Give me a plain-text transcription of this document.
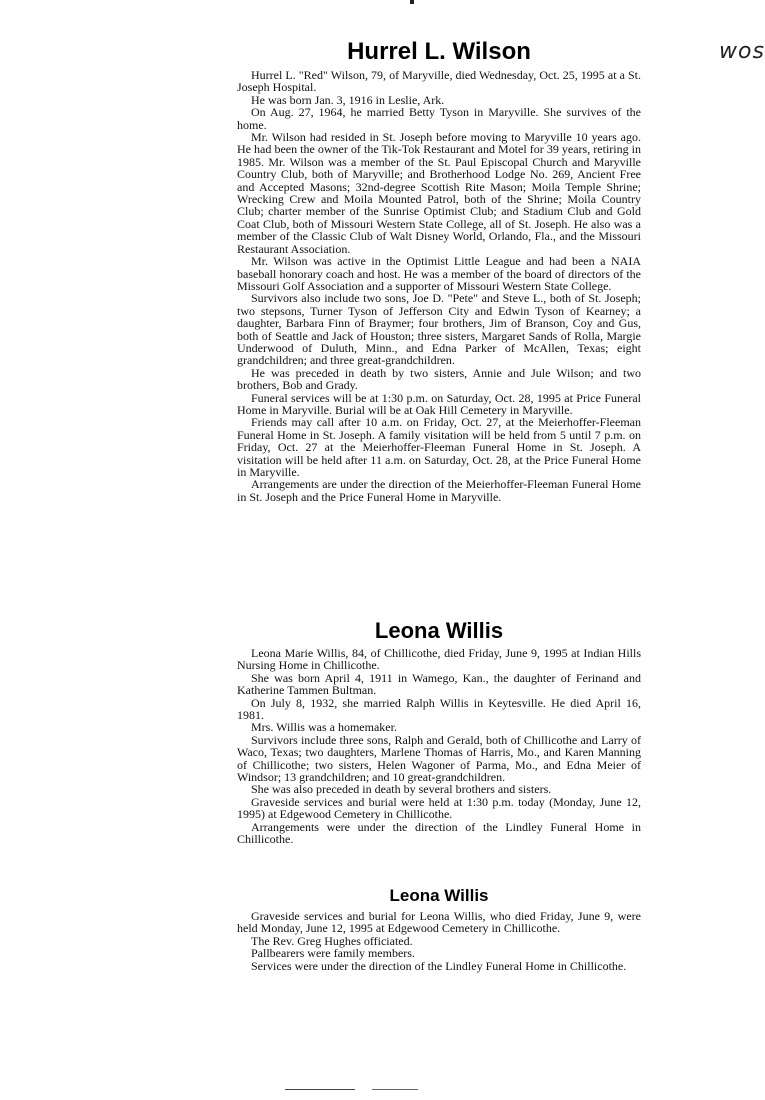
wos
Hurrel L. Wilson

Hurrel L. "Red" Wilson, 79, of Maryville, died Wednesday, Oct. 25, 1995 at a St. Joseph Hospital.

He was born Jan. 3, 1916 in Leslie, Ark.

On Aug. 27, 1964, he married Betty Tyson in Maryville. She survives of the home.

Mr. Wilson had resided in St. Joseph before moving to Maryville 10 years ago. He had been the owner of the Tik-Tok Restaurant and Motel for 39 years, retiring in 1985. Mr. Wilson was a member of the St. Paul Episcopal Church and Maryville Country Club, both of Maryville; and Brotherhood Lodge No. 269, Ancient Free and Accepted Masons; 32nd-degree Scottish Rite Mason; Moila Temple Shrine; Wrecking Crew and Moila Mounted Patrol, both of the Shrine; Moila Country Club; charter member of the Sunrise Optimist Club; and Stadium Club and Gold Coat Club, both of Missouri Western State College, all of St. Joseph. He also was a member of the Classic Club of Walt Disney World, Orlando, Fla., and the Missouri Restaurant Association.

Mr. Wilson was active in the Optimist Little League and had been a NAIA baseball honorary coach and host. He was a member of the board of directors of the Missouri Golf Association and a supporter of Missouri Western State College.

Survivors also include two sons, Joe D. "Pete" and Steve L., both of St. Joseph; two stepsons, Turner Tyson of Jefferson City and Edwin Tyson of Kearney; a daughter, Barbara Finn of Braymer; four brothers, Jim of Branson, Coy and Gus, both of Seattle and Jack of Houston; three sisters, Margaret Sands of Rolla, Margie Underwood of Duluth, Minn., and Edna Parker of McAllen, Texas; eight grandchildren; and three great-grandchildren.

He was preceded in death by two sisters, Annie and Jule Wilson; and two brothers, Bob and Grady.

Funeral services will be at 1:30 p.m. on Saturday, Oct. 28, 1995 at Price Funeral Home in Maryville. Burial will be at Oak Hill Cemetery in Maryville.

Friends may call after 10 a.m. on Friday, Oct. 27, at the Meierhoffer-Fleeman Funeral Home in St. Joseph. A family visitation will be held from 5 until 7 p.m. on Friday, Oct. 27 at the Meierhoffer-Fleeman Funeral Home in St. Joseph. A visitation will be held after 11 a.m. on Saturday, Oct. 28, at the Price Funeral Home in Maryville.

Arrangements are under the direction of the Meierhoffer-Fleeman Funeral Home in St. Joseph and the Price Funeral Home in Maryville.

Leona Willis

Leona Marie Willis, 84, of Chillicothe, died Friday, June 9, 1995 at Indian Hills Nursing Home in Chillicothe.

She was born April 4, 1911 in Wamego, Kan., the daughter of Ferinand and Katherine Tammen Bultman.

On July 8, 1932, she married Ralph Willis in Keytesville. He died April 16, 1981.

Mrs. Willis was a homemaker.

Survivors include three sons, Ralph and Gerald, both of Chillicothe and Larry of Waco, Texas; two daughters, Marlene Thomas of Harris, Mo., and Karen Manning of Chillicothe; two sisters, Helen Wagoner of Parma, Mo., and Edna Meier of Windsor; 13 grandchildren; and 10 great-grandchildren.

She was also preceded in death by several brothers and sisters.

Graveside services and burial were held at 1:30 p.m. today (Monday, June 12, 1995) at Edgewood Cemetery in Chillicothe.

Arrangements were under the direction of the Lindley Funeral Home in Chillicothe.

Leona Willis

Graveside services and burial for Leona Willis, who died Friday, June 9, were held Monday, June 12, 1995 at Edgewood Cemetery in Chillicothe.

The Rev. Greg Hughes officiated.

Pallbearers were family members.

Services were under the direction of the Lindley Funeral Home in Chillicothe.
